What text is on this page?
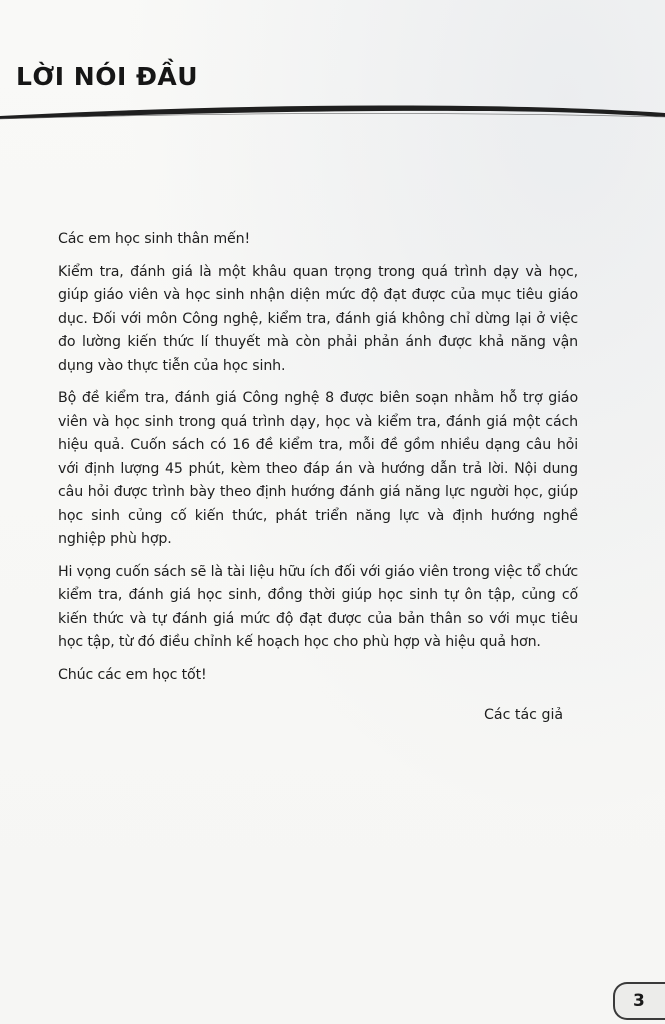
LỜI NÓI ĐẦU

Các em học sinh thân mến!

Kiểm tra, đánh giá là một khâu quan trọng trong quá trình dạy và học, giúp giáo viên và học sinh nhận diện mức độ đạt được của mục tiêu giáo dục. Đối với môn Công nghệ, kiểm tra, đánh giá không chỉ dừng lại ở việc đo lường kiến thức lí thuyết mà còn phải phản ánh được khả năng vận dụng vào thực tiễn của học sinh.

Bộ đề kiểm tra, đánh giá Công nghệ 8 được biên soạn nhằm hỗ trợ giáo viên và học sinh trong quá trình dạy, học và kiểm tra, đánh giá một cách hiệu quả. Cuốn sách có 16 đề kiểm tra, mỗi đề gồm nhiều dạng câu hỏi với định lượng 45 phút, kèm theo đáp án và hướng dẫn trả lời. Nội dung câu hỏi được trình bày theo định hướng đánh giá năng lực người học, giúp học sinh củng cố kiến thức, phát triển năng lực và định hướng nghề nghiệp phù hợp.

Hi vọng cuốn sách sẽ là tài liệu hữu ích đối với giáo viên trong việc tổ chức kiểm tra, đánh giá học sinh, đồng thời giúp học sinh tự ôn tập, củng cố kiến thức và tự đánh giá mức độ đạt được của bản thân so với mục tiêu học tập, từ đó điều chỉnh kế hoạch học cho phù hợp và hiệu quả hơn.

Chúc các em học tốt!

Các tác giả

3
